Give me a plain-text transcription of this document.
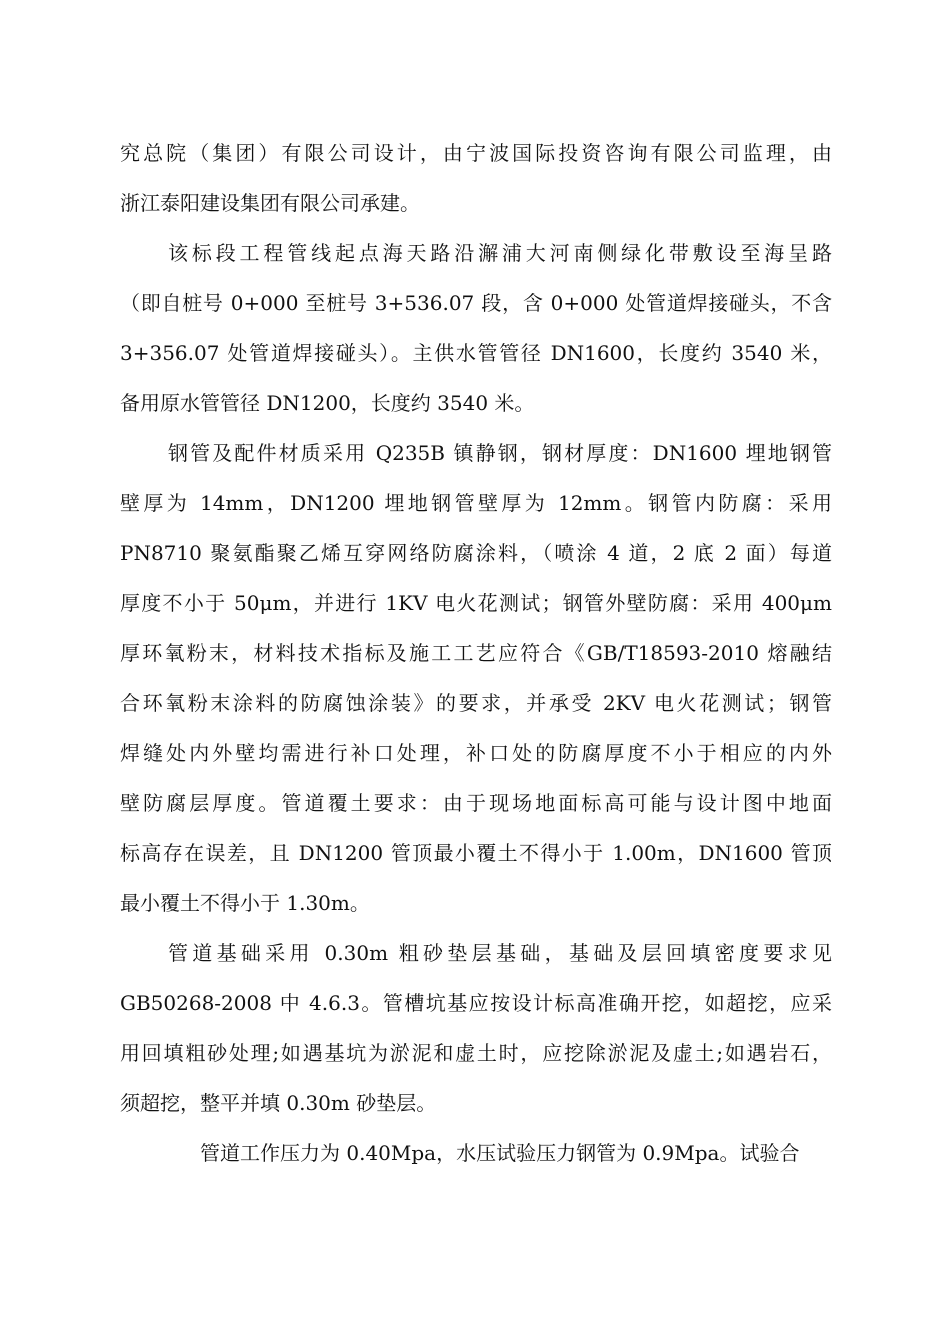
究总院（集团）有限公司设计，由宁波国际投资咨询有限公司监理，由
浙江泰阳建设集团有限公司承建。
该标段工程管线起点海天路沿澥浦大河南侧绿化带敷设至海呈路
（即自桩号 0+000 至桩号 3+536.07 段，含 0+000 处管道焊接碰头，不含
3+356.07 处管道焊接碰头）。主供水管管径 DN1600，长度约 3540 米，
备用原水管管径 DN1200，长度约 3540 米。
钢管及配件材质采用 Q235B 镇静钢，钢材厚度：DN1600 埋地钢管
壁厚为 14mm，DN1200 埋地钢管壁厚为 12mm。钢管内防腐：采用
PN8710 聚氨酯聚乙烯互穿网络防腐涂料，（喷涂 4 道，2 底 2 面）每道
厚度不小于 50μm，并进行 1KV 电火花测试；钢管外壁防腐：采用 400μm
厚环氧粉末，材料技术指标及施工工艺应符合《GB/T18593-2010 熔融结
合环氧粉末涂料的防腐蚀涂装》的要求，并承受 2KV 电火花测试；钢管
焊缝处内外壁均需进行补口处理，补口处的防腐厚度不小于相应的内外
壁防腐层厚度。管道覆土要求：由于现场地面标高可能与设计图中地面
标高存在误差，且 DN1200 管顶最小覆土不得小于 1.00m，DN1600 管顶
最小覆土不得小于 1.30m。
管道基础采用 0.30m 粗砂垫层基础，基础及层回填密度要求见
GB50268-2008 中 4.6.3。管槽坑基应按设计标高准确开挖，如超挖，应采
用回填粗砂处理;如遇基坑为淤泥和虚土时，应挖除淤泥及虚土;如遇岩石，
须超挖，整平并填 0.30m 砂垫层。
管道工作压力为 0.40Mpa，水压试验压力钢管为 0.9Mpa。试验合
